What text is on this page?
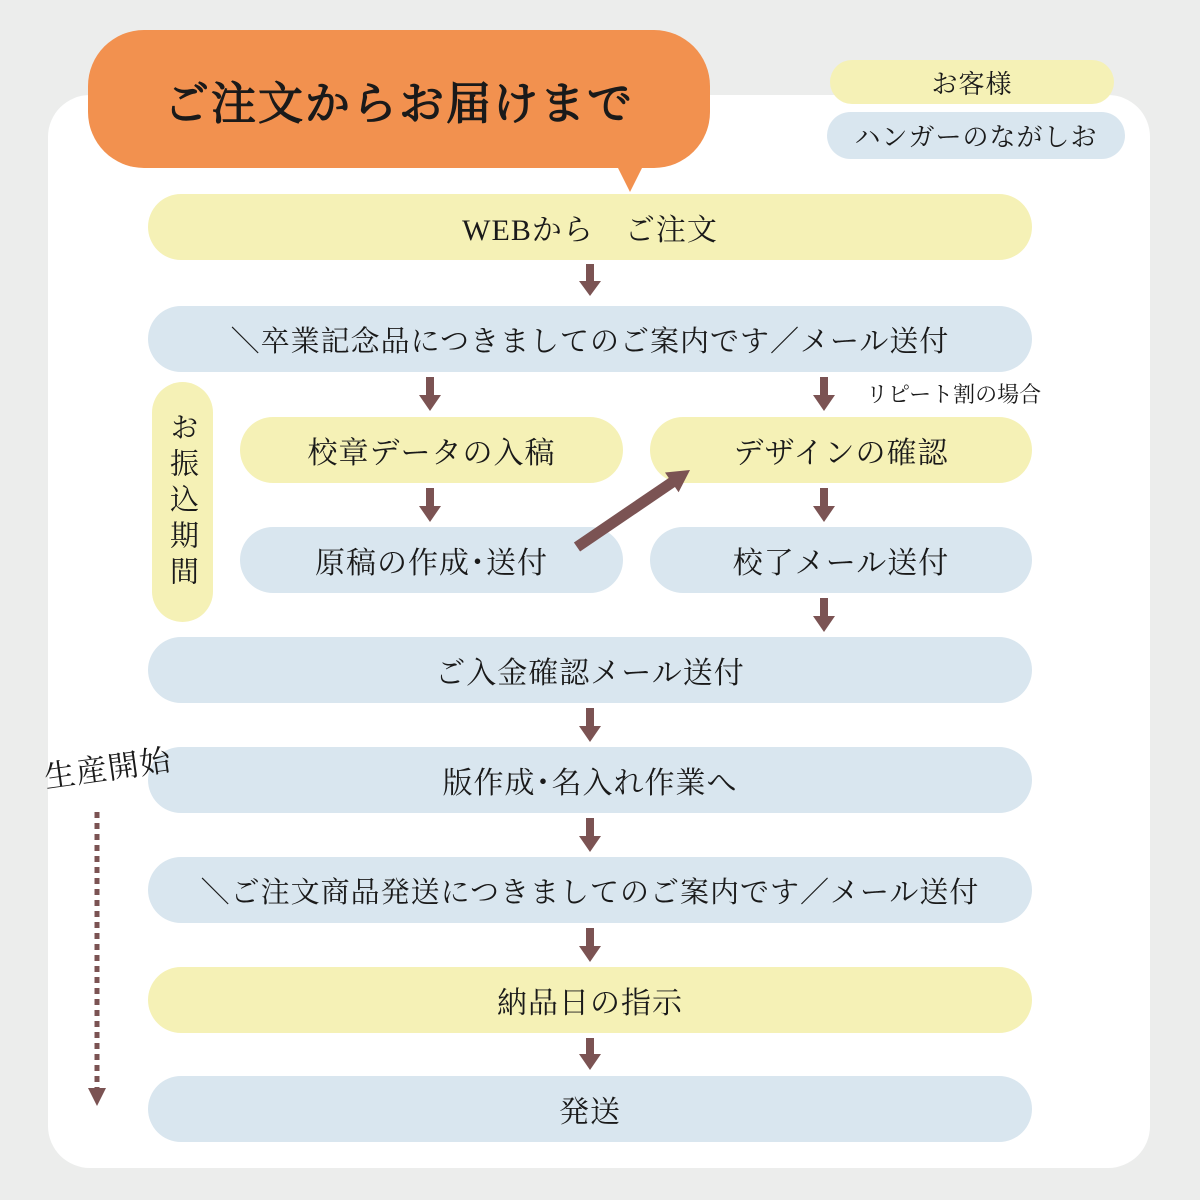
ご注文からお届けまで	お客様
ハンガーのながしお
WEBから　ご注文
＼卒業記念品につきましてのご案内です／メール送付
リピート割の場合
校章データの入稿	デザインの確認
原稿の作成･送付	校了メール送付
ご入金確認メール送付
版作成･名入れ作業へ
＼ご注文商品発送につきましてのご案内です／メール送付
納品日の指示
発送
お振込期間
生産開始
